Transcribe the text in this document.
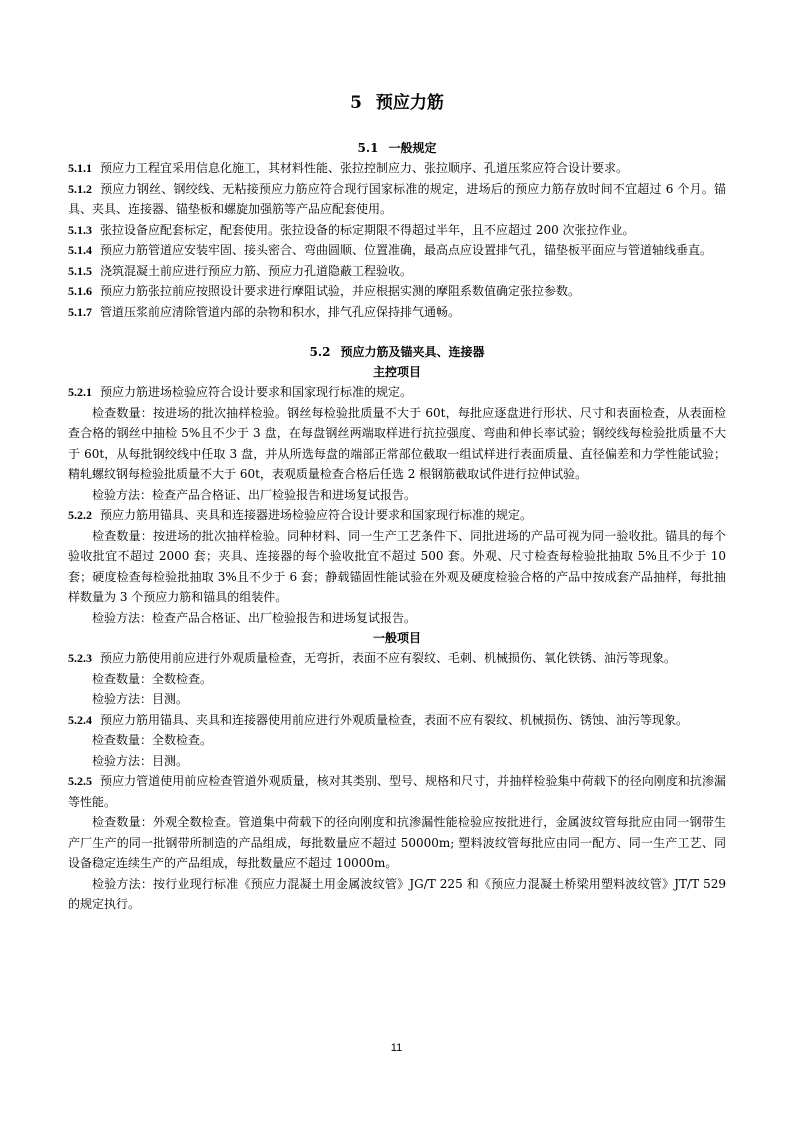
5 预应力筋
5.1 一般规定

5.1.1 预应力工程宜采用信息化施工，其材料性能、张拉控制应力、张拉顺序、孔道压浆应符合设计要求。

5.1.2 预应力钢丝、钢绞线、无粘接预应力筋应符合现行国家标准的规定，进场后的预应力筋存放时间不宜超过 6 个月。锚具、夹具、连接器、锚垫板和螺旋加强筋等产品应配套使用。

5.1.3 张拉设备应配套标定，配套使用。张拉设备的标定期限不得超过半年，且不应超过 200 次张拉作业。

5.1.4 预应力筋管道应安装牢固、接头密合、弯曲圆顺、位置准确，最高点应设置排气孔，锚垫板平面应与管道轴线垂直。

5.1.5 浇筑混凝土前应进行预应力筋、预应力孔道隐蔽工程验收。

5.1.6 预应力筋张拉前应按照设计要求进行摩阻试验，并应根据实测的摩阻系数值确定张拉参数。

5.1.7 管道压浆前应清除管道内部的杂物和积水，排气孔应保持排气通畅。

5.2 预应力筋及锚夹具、连接器
主控项目

5.2.1 预应力筋进场检验应符合设计要求和国家现行标准的规定。

检查数量：按进场的批次抽样检验。钢丝每检验批质量不大于 60t，每批应逐盘进行形状、尺寸和表面检查，从表面检查合格的钢丝中抽检 5%且不少于 3 盘，在每盘钢丝两端取样进行抗拉强度、弯曲和伸长率试验；钢绞线每检验批质量不大于 60t，从每批钢绞线中任取 3 盘，并从所选每盘的端部正常部位截取一组试样进行表面质量、直径偏差和力学性能试验；精轧螺纹钢每检验批质量不大于 60t，表观质量检查合格后任选 2 根钢筋截取试件进行拉伸试验。

检验方法：检查产品合格证、出厂检验报告和进场复试报告。

5.2.2 预应力筋用锚具、夹具和连接器进场检验应符合设计要求和国家现行标准的规定。

检查数量：按进场的批次抽样检验。同种材料、同一生产工艺条件下、同批进场的产品可视为同一验收批。锚具的每个验收批宜不超过 2000 套；夹具、连接器的每个验收批宜不超过 500 套。外观、尺寸检查每检验批抽取 5%且不少于 10 套；硬度检查每检验批抽取 3%且不少于 6 套；静载锚固性能试验在外观及硬度检验合格的产品中按成套产品抽样，每批抽样数量为 3 个预应力筋和锚具的组装件。

检验方法：检查产品合格证、出厂检验报告和进场复试报告。

一般项目

5.2.3 预应力筋使用前应进行外观质量检查，无弯折，表面不应有裂纹、毛刺、机械损伤、氧化铁锈、油污等现象。

检查数量：全数检查。

检验方法：目测。

5.2.4 预应力筋用锚具、夹具和连接器使用前应进行外观质量检查，表面不应有裂纹、机械损伤、锈蚀、油污等现象。

检查数量：全数检查。

检验方法：目测。

5.2.5 预应力管道使用前应检查管道外观质量，核对其类别、型号、规格和尺寸，并抽样检验集中荷载下的径向刚度和抗渗漏等性能。

检查数量：外观全数检查。管道集中荷载下的径向刚度和抗渗漏性能检验应按批进行，金属波纹管每批应由同一钢带生产厂生产的同一批钢带所制造的产品组成，每批数量应不超过 50000m; 塑料波纹管每批应由同一配方、同一生产工艺、同设备稳定连续生产的产品组成，每批数量应不超过 10000m。

检验方法：按行业现行标准《预应力混凝土用金属波纹管》JG/T 225 和《预应力混凝土桥梁用塑料波纹管》JT/T 529 的规定执行。

11
